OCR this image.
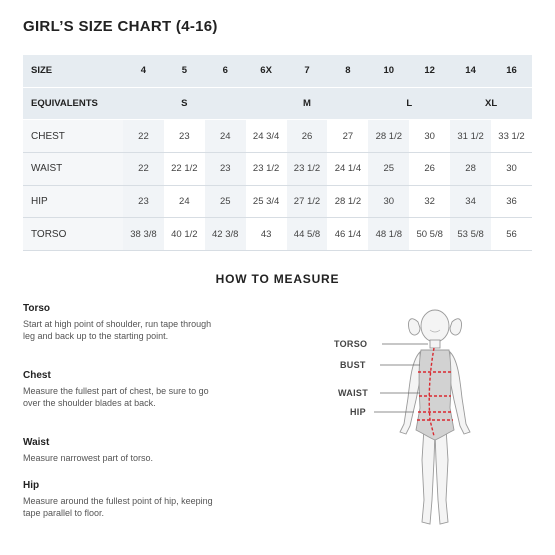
GIRL’S SIZE CHART (4-16)
SIZE	4	5	6	6X	7	8	10	12	14	16
EQUIVALENTS	S			M			L		XL	
CHEST	22	23	24	24 3/4	26	27	28 1/2	30	31 1/2	33 1/2
WAIST	22	22 1/2	23	23 1/2	23 1/2	24 1/4	25	26	28	30
HIP	23	24	25	25 3/4	27 1/2	28 1/2	30	32	34	36
TORSO	38 3/8	40 1/2	42 3/8	43	44 5/8	46 1/4	48 1/8	50 5/8	53 5/8	56
HOW TO MEASURE
Torso
Start at high point of shoulder, run tape through leg and back up to the starting point.
Chest
Measure the fullest part of chest, be sure to go over the shoulder blades at back.
Waist
Measure narrowest part of torso.
Hip
Measure around the fullest point of hip, keeping tape parallel to floor.
TORSO
BUST
WAIST
HIP
